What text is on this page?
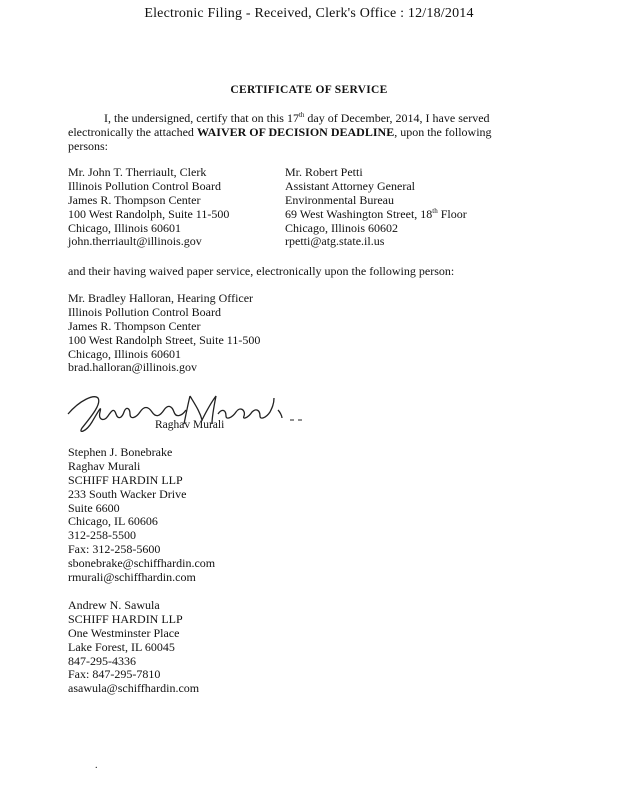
Electronic Filing - Received, Clerk's Office : 12/18/2014
CERTIFICATE OF SERVICE
I, the undersigned, certify that on this 17th day of December, 2014, I have served
electronically the attached WAIVER OF DECISION DEADLINE, upon the following
persons:
Mr. John T. Therriault, Clerk
Illinois Pollution Control Board
James R. Thompson Center
100 West Randolph, Suite 11-500
Chicago, Illinois 60601
john.therriault@illinois.gov
Mr. Robert Petti
Assistant Attorney General
Environmental Bureau
69 West Washington Street, 18th Floor
Chicago, Illinois 60602
rpetti@atg.state.il.us
and their having waived paper service, electronically upon the following person:
Mr. Bradley Halloran, Hearing Officer
Illinois Pollution Control Board
James R. Thompson Center
100 West Randolph Street, Suite 11-500
Chicago, Illinois 60601
brad.halloran@illinois.gov
Raghav Murali
Stephen J. Bonebrake
Raghav Murali
SCHIFF HARDIN LLP
233 South Wacker Drive
Suite 6600
Chicago, IL 60606
312-258-5500
Fax: 312-258-5600
sbonebrake@schiffhardin.com
rmurali@schiffhardin.com
Andrew N. Sawula
SCHIFF HARDIN LLP
One Westminster Place
Lake Forest, IL 60045
847-295-4336
Fax: 847-295-7810
asawula@schiffhardin.com
.
